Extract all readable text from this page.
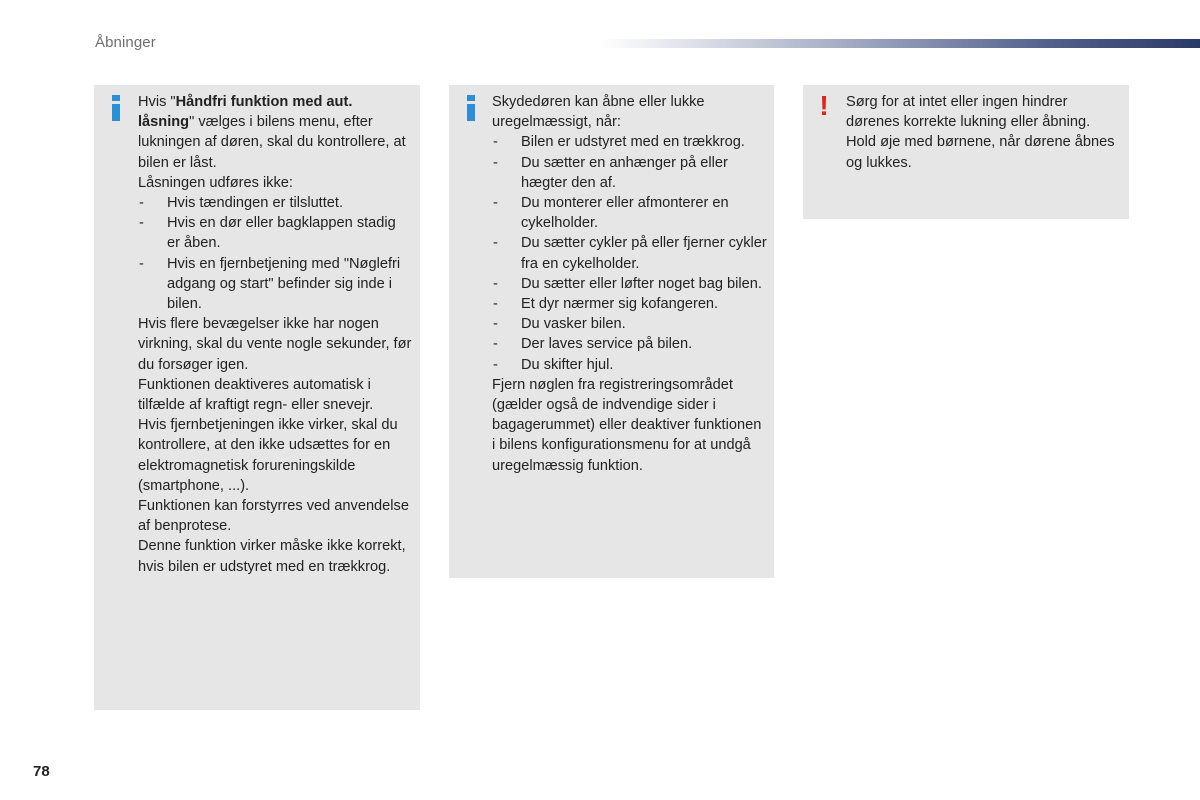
Åbninger

Hvis "Håndfri funktion med aut. låsning" vælges i bilens menu, efter lukningen af døren, skal du kontrollere, at bilen er låst.

Låsningen udføres ikke:

- Hvis tændingen er tilsluttet.
- Hvis en dør eller bagklappen stadig er åben.
- Hvis en fjernbetjening med "Nøglefri adgang og start" befinder sig inde i bilen.

Hvis flere bevægelser ikke har nogen virkning, skal du vente nogle sekunder, før du forsøger igen.

Funktionen deaktiveres automatisk i tilfælde af kraftigt regn- eller snevejr.

Hvis fjernbetjeningen ikke virker, skal du kontrollere, at den ikke udsættes for en elektromagnetisk forureningskilde (smartphone, ...).

Funktionen kan forstyrres ved anvendelse af benprotese.

Denne funktion virker måske ikke korrekt, hvis bilen er udstyret med en trækkrog.

Skydedøren kan åbne eller lukke uregelmæssigt, når:

- Bilen er udstyret med en trækkrog.
- Du sætter en anhænger på eller hægter den af.
- Du monterer eller afmonterer en cykelholder.
- Du sætter cykler på eller fjerner cykler fra en cykelholder.
- Du sætter eller løfter noget bag bilen.
- Et dyr nærmer sig kofangeren.
- Du vasker bilen.
- Der laves service på bilen.
- Du skifter hjul.

Fjern nøglen fra registreringsområdet (gælder også de indvendige sider i bagagerummet) eller deaktiver funktionen i bilens konfigurationsmenu for at undgå uregelmæssig funktion.

! Sørg for at intet eller ingen hindrer dørenes korrekte lukning eller åbning. Hold øje med børnene, når dørene åbnes og lukkes.

78
